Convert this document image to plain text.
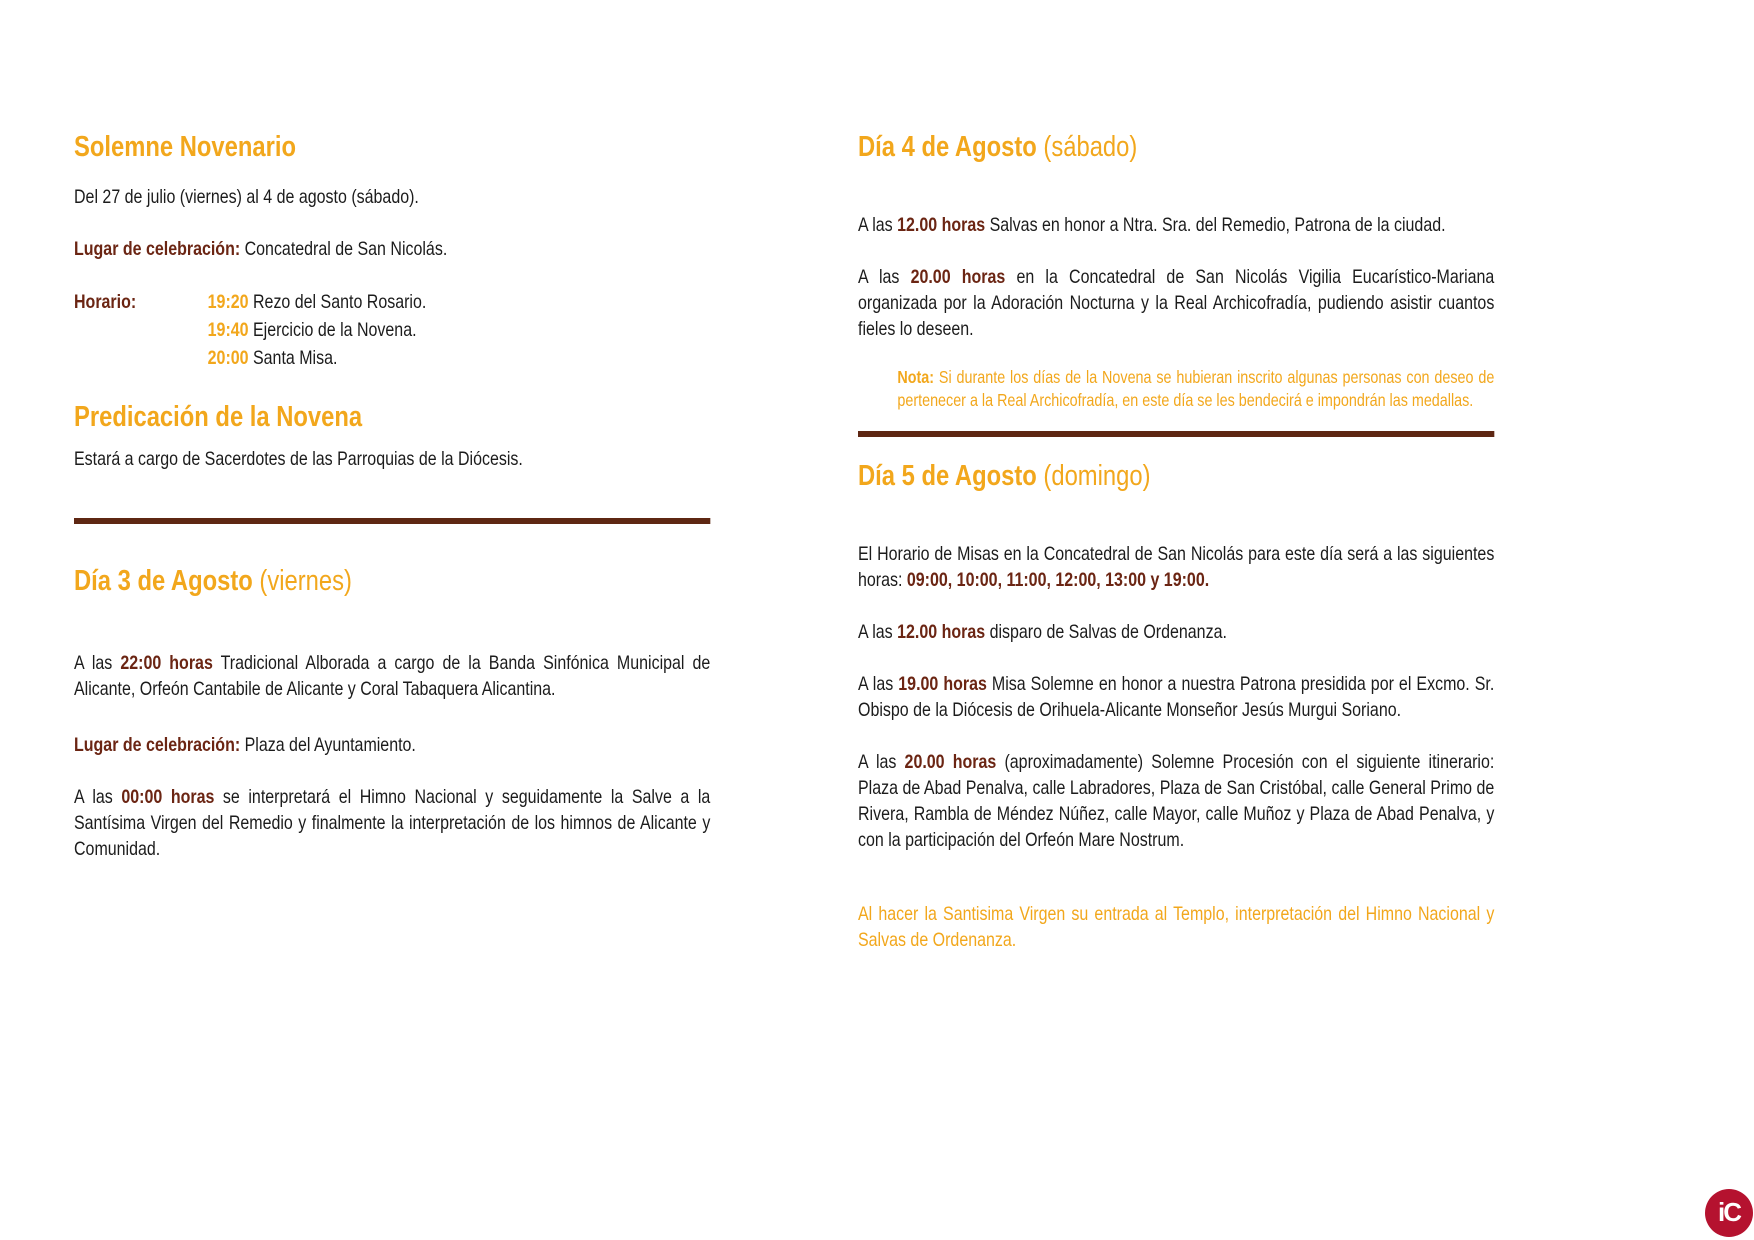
Solemne Novenario

Del 27 de julio (viernes) al 4 de agosto (sábado).

Lugar de celebración: Concatedral de San Nicolás.

Horario:	19:20 Rezo del Santo Rosario.
19:40 Ejercicio de la Novena.
20:00 Santa Misa.
Predicación de la Novena

Estará a cargo de Sacerdotes de las Parroquias de la Diócesis.

Día 3 de Agosto (viernes)

A las 22:00 horas Tradicional Alborada a cargo de la Banda Sinfónica Municipal de Alicante, Orfeón Cantabile de Alicante y Coral Tabaquera Alicantina.

Lugar de celebración: Plaza del Ayuntamiento.

A las 00:00 horas se interpretará el Himno Nacional y seguidamente la Salve a la Santísima Virgen del Remedio y finalmente la interpretación de los himnos de Alicante y Comunidad.

Día 4 de Agosto (sábado)

A las 12.00 horas Salvas en honor a Ntra. Sra. del Remedio, Patrona de la ciudad.

A las 20.00 horas en la Concatedral de San Nicolás Vigilia Eucarístico-Mariana organizada por la Adoración Nocturna y la Real Archicofradía, pudiendo asistir cuantos fieles lo deseen.

Nota: Si durante los días de la Novena se hubieran inscrito algunas personas con deseo de pertenecer a la Real Archicofradía, en este día se les bendecirá e impondrán las medallas.

Día 5 de Agosto (domingo)

El Horario de Misas en la Concatedral de San Nicolás para este día será a las siguientes horas: 09:00, 10:00, 11:00, 12:00, 13:00 y 19:00.

A las 12.00 horas disparo de Salvas de Ordenanza.

A las 19.00 horas Misa Solemne en honor a nuestra Patrona presidida por el Excmo. Sr. Obispo de la Diócesis de Orihuela-Alicante Monseñor Jesús Murgui Soriano.

A las 20.00 horas (aproximadamente) Solemne Procesión con el siguiente itinerario: Plaza de Abad Penalva, calle Labradores, Plaza de San Cristóbal, calle General Primo de Rivera, Rambla de Méndez Núñez, calle Mayor, calle Muñoz y Plaza de Abad Penalva, y con la participación del Orfeón Mare Nostrum.

Al hacer la Santisima Virgen su entrada al Templo, interpretación del Himno Nacional y Salvas de Ordenanza.

iC
